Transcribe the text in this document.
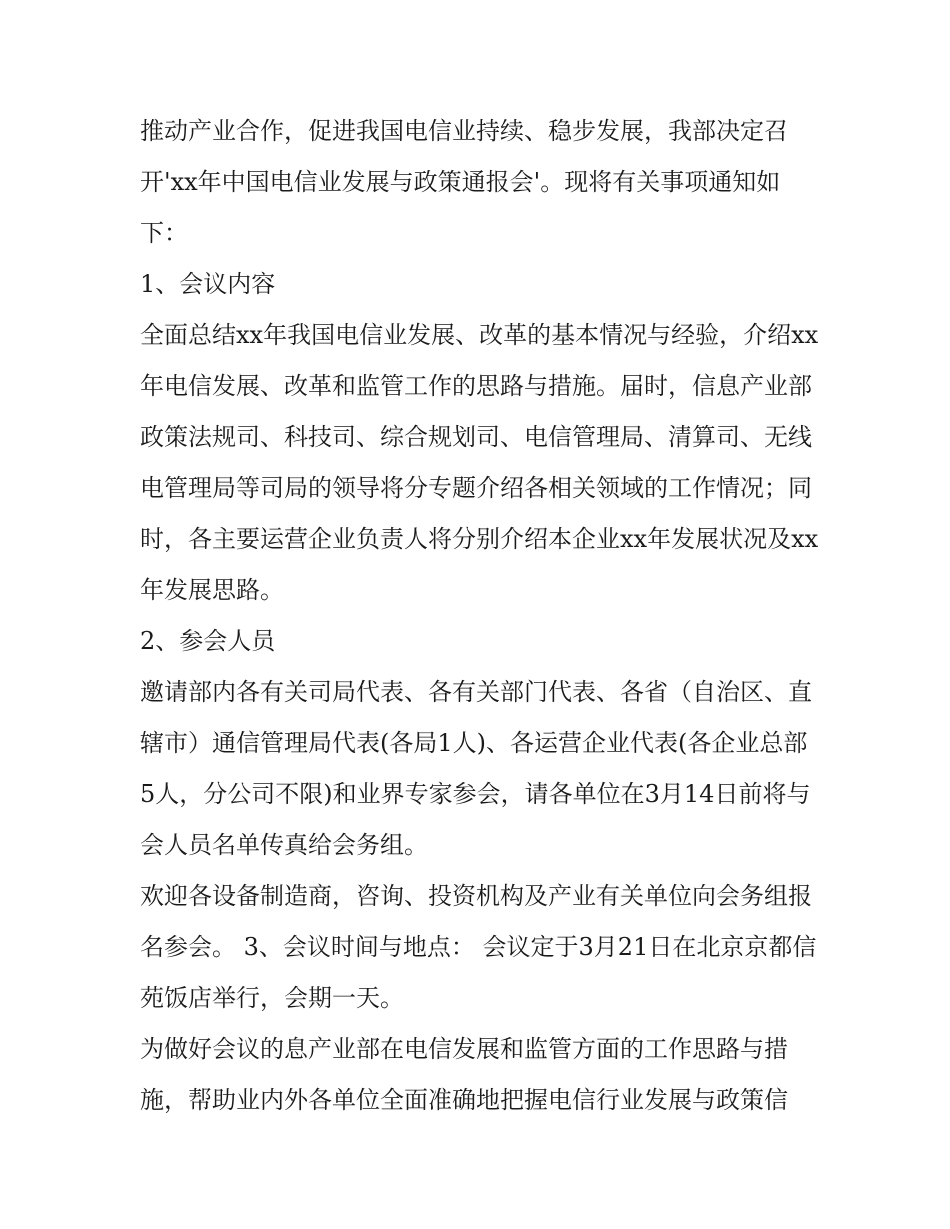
推动产业合作，促进我国电信业持续、稳步发展，我部决定召开'xx年中国电信业发展与政策通报会'。现将有关事项通知如下：

1、会议内容

全面总结xx年我国电信业发展、改革的基本情况与经验，介绍xx年电信发展、改革和监管工作的思路与措施。届时，信息产业部政策法规司、科技司、综合规划司、电信管理局、清算司、无线电管理局等司局的领导将分专题介绍各相关领域的工作情况；同时，各主要运营企业负责人将分别介绍本企业xx年发展状况及xx年发展思路。

2、参会人员

邀请部内各有关司局代表、各有关部门代表、各省（自治区、直辖市）通信管理局代表(各局1人)、各运营企业代表(各企业总部5人，分公司不限)和业界专家参会，请各单位在3月14日前将与会人员名单传真给会务组。

欢迎各设备制造商，咨询、投资机构及产业有关单位向会务组报名参会。 3、会议时间与地点： 会议定于3月21日在北京京都信苑饭店举行，会期一天。

为做好会议的息产业部在电信发展和监管方面的工作思路与措施，帮助业内外各单位全面准确地把握电信行业发展与政策信
